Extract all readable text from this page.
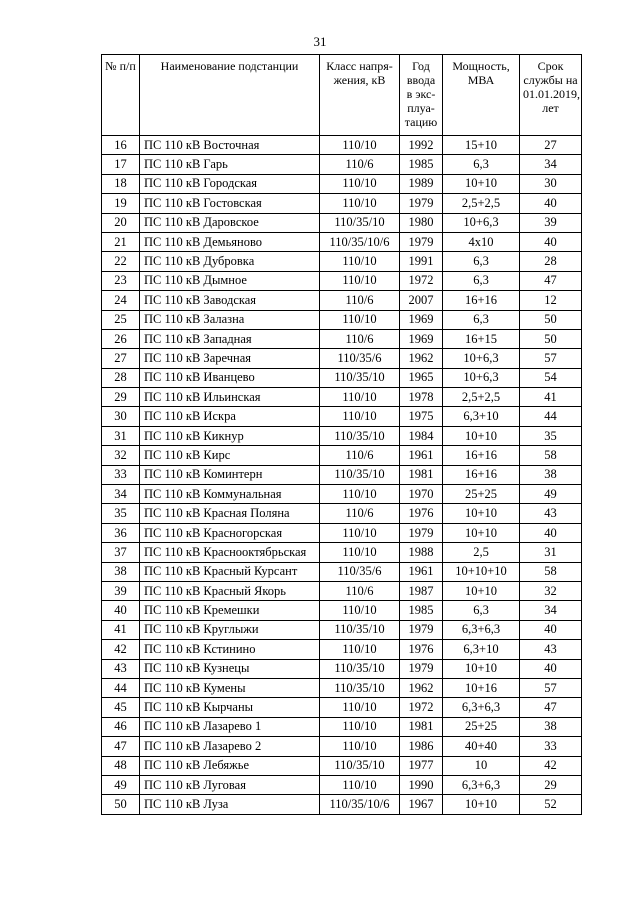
31
№ п/п	Наименование подстанции	Класс напря-жения, кВ	Год ввода в экс-плуа-тацию	Мощность, МВА	Срок службы на 01.01.2019, лет
16	ПС 110 кВ Восточная	110/10	1992	15+10	27
17	ПС 110 кВ Гарь	110/6	1985	6,3	34
18	ПС 110 кВ Городская	110/10	1989	10+10	30
19	ПС 110 кВ Гостовская	110/10	1979	2,5+2,5	40
20	ПС 110 кВ Даровское	110/35/10	1980	10+6,3	39
21	ПС 110 кВ Демьяново	110/35/10/6	1979	4х10	40
22	ПС 110 кВ Дубровка	110/10	1991	6,3	28
23	ПС 110 кВ Дымное	110/10	1972	6,3	47
24	ПС 110 кВ Заводская	110/6	2007	16+16	12
25	ПС 110 кВ Залазна	110/10	1969	6,3	50
26	ПС 110 кВ Западная	110/6	1969	16+15	50
27	ПС 110 кВ Заречная	110/35/6	1962	10+6,3	57
28	ПС 110 кВ Иванцево	110/35/10	1965	10+6,3	54
29	ПС 110 кВ Ильинская	110/10	1978	2,5+2,5	41
30	ПС 110 кВ Искра	110/10	1975	6,3+10	44
31	ПС 110 кВ Кикнур	110/35/10	1984	10+10	35
32	ПС 110 кВ Кирс	110/6	1961	16+16	58
33	ПС 110 кВ Коминтерн	110/35/10	1981	16+16	38
34	ПС 110 кВ Коммунальная	110/10	1970	25+25	49
35	ПС 110 кВ Красная Поляна	110/6	1976	10+10	43
36	ПС 110 кВ Красногорская	110/10	1979	10+10	40
37	ПС 110 кВ Краснооктябрьская	110/10	1988	2,5	31
38	ПС 110 кВ Красный Курсант	110/35/6	1961	10+10+10	58
39	ПС 110 кВ Красный Якорь	110/6	1987	10+10	32
40	ПС 110 кВ Кремешки	110/10	1985	6,3	34
41	ПС 110 кВ Круглыжи	110/35/10	1979	6,3+6,3	40
42	ПС 110 кВ Кстинино	110/10	1976	6,3+10	43
43	ПС 110 кВ Кузнецы	110/35/10	1979	10+10	40
44	ПС 110 кВ Кумены	110/35/10	1962	10+16	57
45	ПС 110 кВ Кырчаны	110/10	1972	6,3+6,3	47
46	ПС 110 кВ Лазарево 1	110/10	1981	25+25	38
47	ПС 110 кВ Лазарево 2	110/10	1986	40+40	33
48	ПС 110 кВ Лебяжье	110/35/10	1977	10	42
49	ПС 110 кВ Луговая	110/10	1990	6,3+6,3	29
50	ПС 110 кВ Луза	110/35/10/6	1967	10+10	52
